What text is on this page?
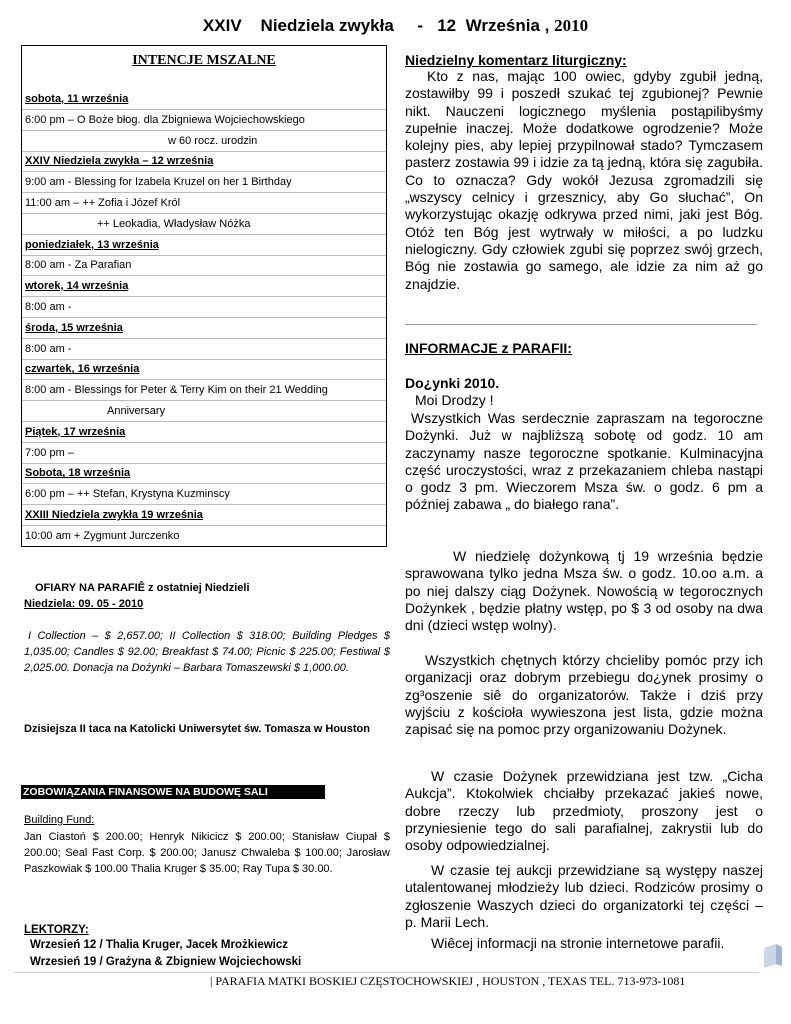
XXIV    Niedziela zwykła     -   12  Września , 2010
INTENCJE MSZALNE
sobota, 11 września
6:00 pm – O Boże błog. dla Zbigniewa Wojciechowskiego
w 60 rocz. urodzin
XXIV Niedziela zwykła – 12 września
9:00 am - Blessing for Izabela Kruzel on her 1 Birthday
11:00 am – ++ Zofia i Józef Król
++ Leokadia, Władysław Nóżka
poniedziałek, 13 września
8:00 am - Za Parafian
wtorek, 14 września
8:00 am -
środa, 15 września
8:00 am -
czwartek, 16 września
8:00 am - Blessings for Peter & Terry Kim on their 21 Wedding
Anniversary
Piątek, 17 września
7:00 pm –
Sobota, 18 września
6:00 pm – ++ Stefan, Krystyna Kuzminscy
XXIII Niedziela zwykła 19 września
10:00 am + Zygmunt Jurczenko
OFIARY NA PARAFIÊ z ostatniej Niedzieli
Niedziela: 09. 05 - 2010
I Collection – $ 2,657.00; II Collection $ 318.00; Building Pledges $ 1,035.00; Candles $ 92.00; Breakfast $ 74.00; Picnic $ 225.00; Festiwal $ 2,025.00. Donacja na Dożynki – Barbara Tomaszewski $ 1,000.00.
Dzisiejsza II taca na Katolicki Uniwersytet św. Tomasza w Houston
ZOBOWIĄZANIA FINANSOWE NA BUDOWĘ SALI
Building Fund:
Jan Ciastoń $ 200.00; Henryk Nikicicz $ 200.00; Stanisław Ciupał $ 200.00; Seal Fast Corp. $ 200.00; Janusz Chwaleba $ 100.00; Jarosław Paszkowiak $ 100.00 Thalia Kruger $ 35.00; Ray Tupa $ 30.00.
LEKTORZY:
Wrzesień 12 / Thalia Kruger, Jacek Mrożkiewicz
Wrzesień 19 / Grażyna & Zbigniew Wojciechowski
Niedzielny komentarz liturgiczny:
Kto z nas, mając 100 owiec, gdyby zgubił jedną, zostawiłby 99 i poszedł szukać tej zgubionej? Pewnie nikt. Nauczeni logicznego myślenia postąpilibyśmy zupełnie inaczej. Może dodatkowe ogrodzenie? Może kolejny pies, aby lepiej przypilnował stado? Tymczasem pasterz zostawia 99 i idzie za tą jedną, która się zagubiła. Co to oznacza? Gdy wokół Jezusa zgromadzili się „wszyscy celnicy i grzesznicy, aby Go słuchać”, On wykorzystując okazję odkrywa przed nimi, jaki jest Bóg. Otóż ten Bóg jest wytrwały w miłości, a po ludzku nielogiczny. Gdy człowiek zgubi się poprzez swój grzech, Bóg nie zostawia go samego, ale idzie za nim aż go znajdzie.
INFORMACJE z PARAFII:
Do¿ynki 2010.
Moi Drodzy !
Wszystkich Was serdecznie zapraszam na tegoroczne Dożynki. Już w najbliższą sobotę od godz. 10 am zaczynamy nasze tegoroczne spotkanie. Kulminacyjna część uroczystości, wraz z przekazaniem chleba nastąpi o godz 3 pm. Wieczorem Msza św. o godz. 6 pm a później zabawa „ do białego rana”.
W niedzielę dożynkową tj 19 września będzie sprawowana tylko jedna Msza św. o godz. 10.oo a.m. a po niej dalszy ciąg Dożynek. Nowością w tegorocznych Dożynkek , będzie płatny wstęp, po $ 3 od osoby na dwa dni (dzieci wstęp wolny).
Wszystkich chętnych którzy chcieliby pomóc przy ich organizacji oraz dobrym przebiegu do¿ynek prosimy o zg³oszenie siê do organizatorów. Także i dziś przy wyjściu z kościoła wywieszona jest lista, gdzie można zapisać się na pomoc przy organizowaniu Dożynek.
W czasie Dożynek przewidziana jest tzw. „Cicha Aukcja”. Ktokolwiek chciałby przekazać jakieś nowe, dobre rzeczy lub przedmioty, proszony jest o przyniesienie tego do sali parafialnej, zakrystii lub do osoby odpowiedzialnej.
W czasie tej aukcji przewidziane są występy naszej utalentowanej młodzieży lub dzieci. Rodziców prosimy o zgłoszenie Waszych dzieci do organizatorki tej części – p. Marii Lech.
Wiêcej informacji na stronie internetowe parafii.
| PARAFIA MATKI BOSKIEJ CZĘSTOCHOWSKIEJ , HOUSTON , TEXAS TEL. 713-973-1081
